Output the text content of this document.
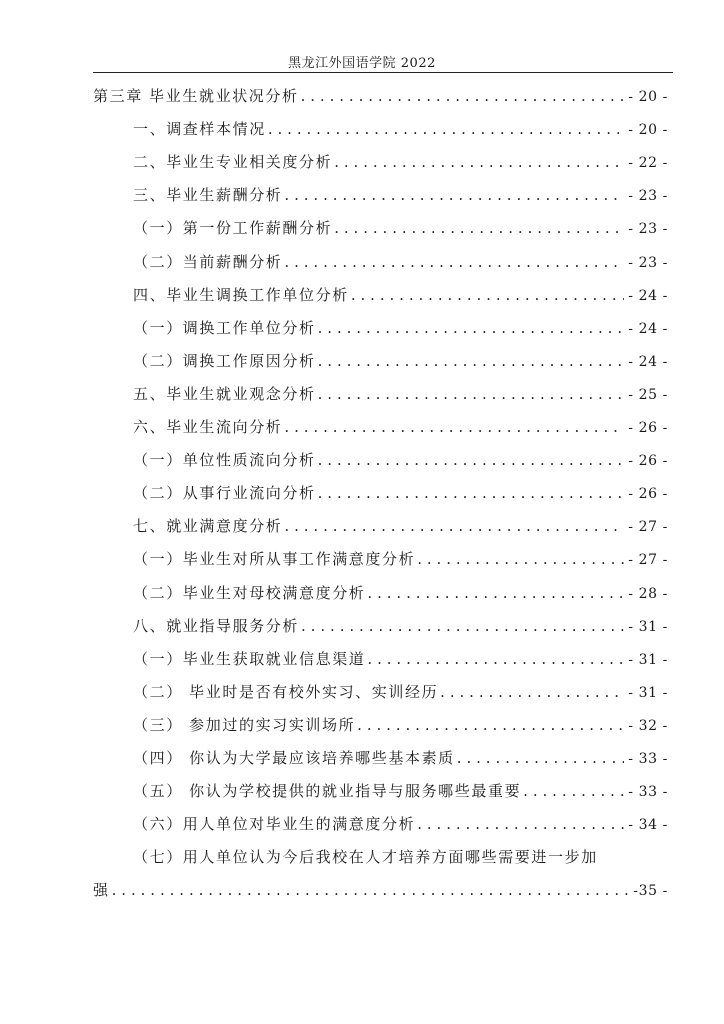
黑龙江外国语学院 2022
第三章 毕业生就业状况分析 .....	- 20 -
一、调查样本情况 .....	- 20 -
二、毕业生专业相关度分析 .....	- 22 -
三、毕业生薪酬分析 .....	- 23 -
（一）第一份工作薪酬分析 .....	- 23 -
（二）当前薪酬分析 .....	- 23 -
四、毕业生调换工作单位分析 .....	- 24 -
（一）调换工作单位分析 .....	- 24 -
（二）调换工作原因分析 .....	- 24 -
五、毕业生就业观念分析 .....	- 25 -
六、毕业生流向分析 .....	- 26 -
（一）单位性质流向分析 .....	- 26 -
（二）从事行业流向分析 .....	- 26 -
七、就业满意度分析 .....	- 27 -
（一）毕业生对所从事工作满意度分析 .....	- 27 -
（二）毕业生对母校满意度分析 .....	- 28 -
八、就业指导服务分析 .....	- 31 -
（一）毕业生获取就业信息渠道 .....	- 31 -
（二） 毕业时是否有校外实习、实训经历 .....	- 31 -
（三） 参加过的实习实训场所 .....	- 32 -
（四） 你认为大学最应该培养哪些基本素质 .....	- 33 -
（五） 你认为学校提供的就业指导与服务哪些最重要 .....	- 33 -
（六）用人单位对毕业生的满意度分析 .....	- 34 -
（七）用人单位认为今后我校在人才培养方面哪些需要进一步加
强 .....	-35 -
